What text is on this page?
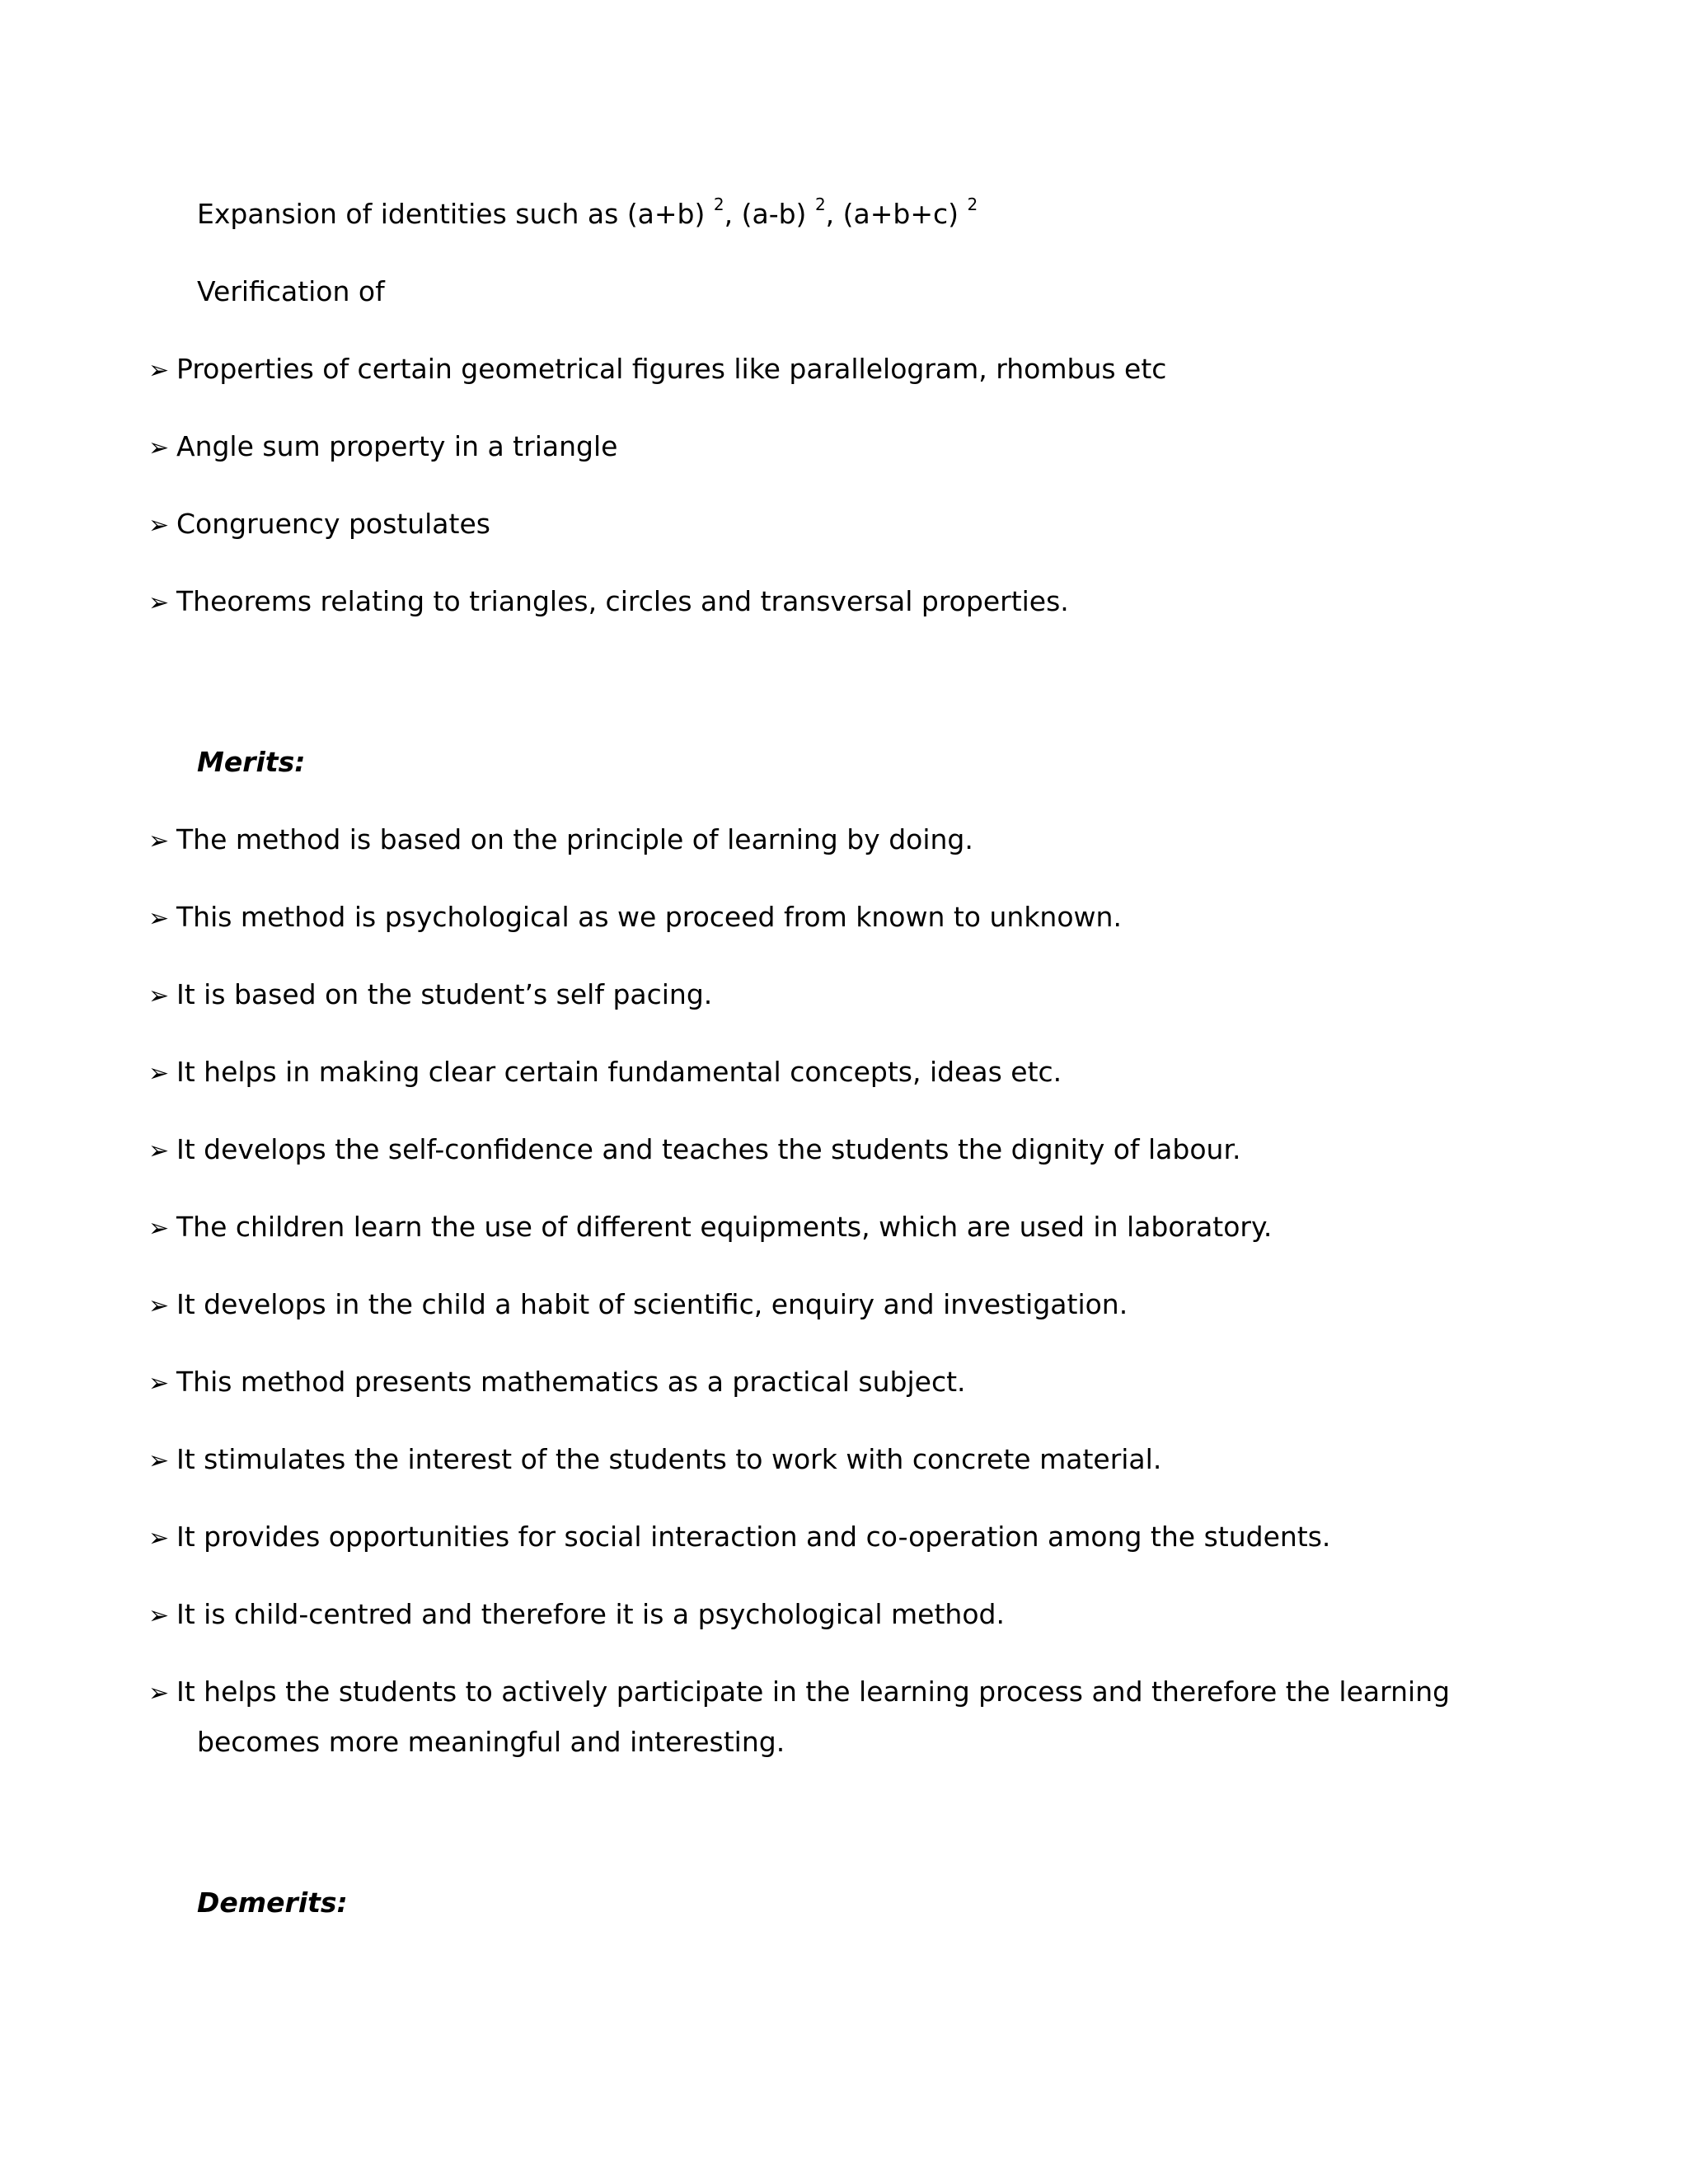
Expansion of identities such as (a+b) $^2$, (a-b) $^2$, (a+b+c) $^2$
Verification of
➢ Properties of certain geometrical figures like parallelogram, rhombus etc
➢ Angle sum property in a triangle
➢ Congruency postulates
➢ Theorems relating to triangles, circles and transversal properties.
Merits:
➢ The method is based on the principle of learning by doing.
➢ This method is psychological as we proceed from known to unknown.
➢ It is based on the student’s self pacing.
➢ It helps in making clear certain fundamental concepts, ideas etc.
➢ It develops the self-confidence and teaches the students the dignity of labour.
➢ The children learn the use of different equipments, which are used in laboratory.
➢ It develops in the child a habit of scientific, enquiry and investigation.
➢ This method presents mathematics as a practical subject.
➢ It stimulates the interest of the students to work with concrete material.
➢ It provides opportunities for social interaction and co-operation among the students.
➢ It is child-centred and therefore it is a psychological method.
➢ It helps the students to actively participate in the learning process and therefore the learning
becomes more meaningful and interesting.
Demerits:
